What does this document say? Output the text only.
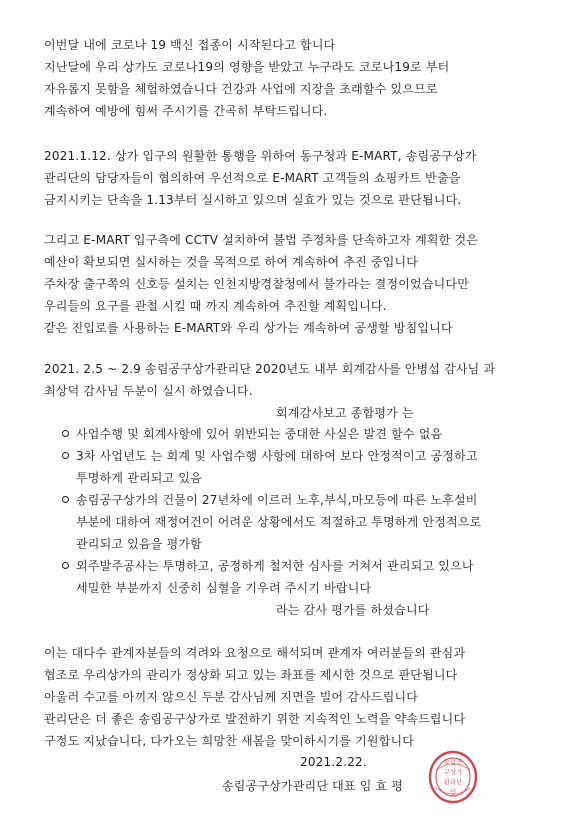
이번달 내에 코로나 19 백신 접종이 시작된다고 합니다
지난달에 우리 상가도 코로나19의 영향을 받았고 누구라도 코로나19로 부터
자유롭지 못함을 체험하였습니다 건강과 사업에 지장을 초래할수 있으므로
계속하여 예방에 힘써 주시기를 간곡히 부탁드립니다.
2021.1.12. 상가 입구의 원활한 통행을 위하여 동구청과 E-MART, 송림공구상가
관리단의 담당자들이 협의하여 우선적으로 E-MART 고객들의 쇼핑카트 반출을
금지시키는 단속을 1.13부터 실시하고 있으며 실효가 있는 것으로 판단됩니다.
그리고 E-MART 입구측에 CCTV 설치하여 불법 주정차를 단속하고자 계획한 것은
예산이 확보되면 실시하는 것을 목적으로 하여 계속하여 추진 중입니다
주차장 출구쪽의 신호등 설치는 인천지방경찰청에서 불가라는 결정이었습니다만
우리들의 요구를 관철 시킬 때 까지 계속하여 추진할 계획입니다.
같은 진입로를 사용하는 E-MART와 우리 상가는 계속하여 공생할 방침입니다
2021. 2.5 ~ 2.9 송림공구상가관리단 2020년도 내부 회계감사를 안병섭 감사님 과
최상덕 감사님 두분이 실시 하였습니다.
회계감사보고 종합평가 는
사업수행 및 회계사항에 있어 위반되는 중대한 사실은 발견 할수 없음
3차 사업년도 는 회계 및 사업수행 사항에 대하여 보다 안정적이고 공정하고
투명하게 관리되고 있음
송림공구상가의 건물이 27년차에 이르러 노후,부식,마모등에 따른 노후설비
부분에 대하여 재정여건이 어려운 상황에서도 적절하고 투명하게 안정적으로
관리되고 있음을 평가함
외주발주공사는 투명하고, 공정하게 철저한 심사를 거쳐서 관리되고 있으나
세밀한 부분까지 신중히 심혈을 기우려 주시기 바랍니다
라는 감사 평가를 하셨습니다
이는 대다수 관계자분들의 격려와 요청으로 해석되며 관계자 여러분들의 관심과
협조로 우리상가의 관리가 정상화 되고 있는 좌표를 제시한 것으로 판단됩니다
아울러 수고를 아끼지 않으신 두분 감사님께 지면을 빌어 감사드립니다
관리단은 더 좋은 송림공구상가로 발전하기 위한 지속적인 노력을 약속드립니다
구정도 지났습니다, 다가오는 희망찬 새봄을 맞이하시기를 기원합니다
2021.2.22.
송림공구상가관리단 대표 임 효 평
송림공
구상가
관리단
인
